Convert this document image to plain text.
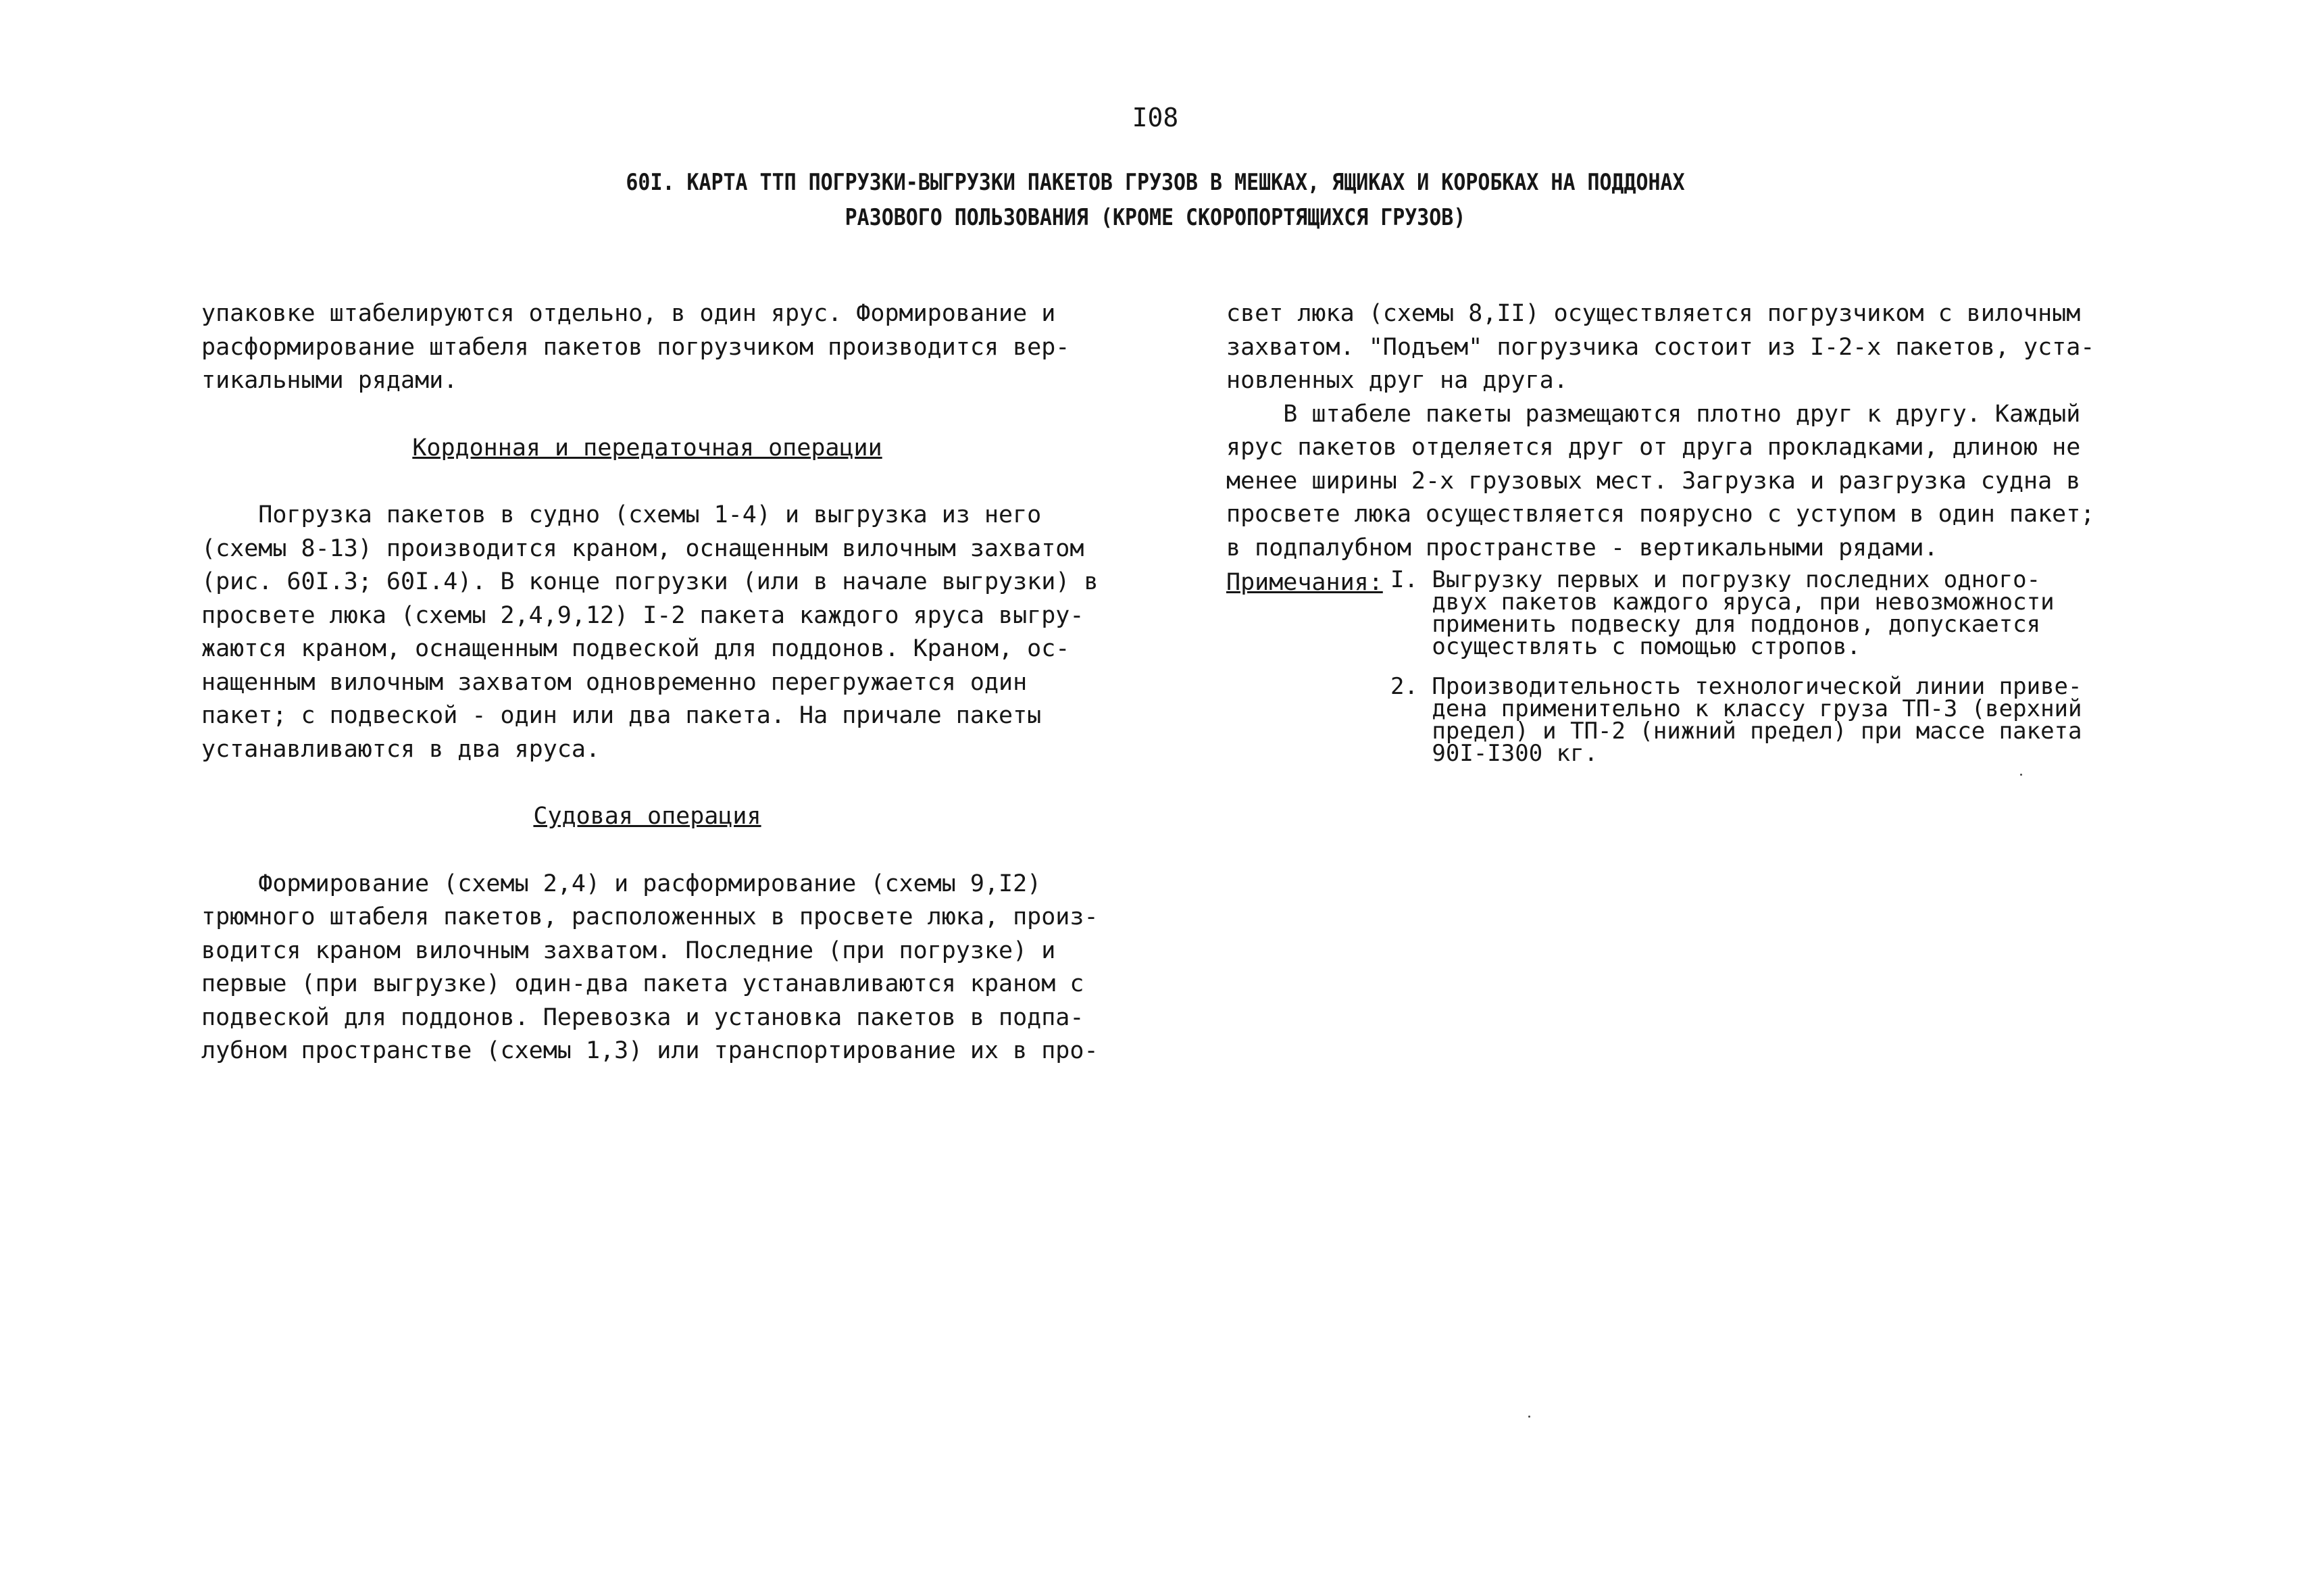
I08
60I. КАРТА ТТП ПОГРУЗКИ-ВЫГРУЗКИ ПАКЕТОВ ГРУЗОВ В МЕШКАХ, ЯЩИКАХ И КОРОБКАХ НА ПОДДОНАХ
РАЗОВОГО ПОЛЬЗОВАНИЯ (КРОМЕ СКОРОПОРТЯЩИХСЯ ГРУЗОВ)
упаковке штабелируются отдельно, в один ярус. Формирование и
расформирование штабеля пакетов погрузчиком производится вер-
тикальными рядами.
Кордонная и передаточная операции
Погрузка пакетов в судно (схемы 1-4) и выгрузка из него
(схемы 8-13) производится краном, оснащенным вилочным захватом
(рис. 60I.3; 60I.4). В конце погрузки (или в начале выгрузки) в
просвете люка (схемы 2,4,9,12) I-2 пакета каждого яруса выгру-
жаются краном, оснащенным подвеской для поддонов. Краном, ос-
нащенным вилочным захватом одновременно перегружается один
пакет; с подвеской - один или два пакета. На причале пакеты
устанавливаются в два яруса.
Судовая операция
Формирование (схемы 2,4) и расформирование (схемы 9,I2)
трюмного штабеля пакетов, расположенных в просвете люка, произ-
водится краном вилочным захватом. Последние (при погрузке) и
первые (при выгрузке) один-два пакета устанавливаются краном с
подвеской для поддонов. Перевозка и установка пакетов в подпа-
лубном пространстве (схемы 1,3) или транспортирование их в про-
свет люка (схемы 8,II) осуществляется погрузчиком с вилочным
захватом. "Подъем" погрузчика состоит из I-2-х пакетов, уста-
новленных друг на друга.
В штабеле пакеты размещаются плотно друг к другу. Каждый
ярус пакетов отделяется друг от друга прокладками, длиною не
менее ширины 2-х грузовых мест. Загрузка и разгрузка судна в
просвете люка осуществляется поярусно с уступом в один пакет;
в подпалубном пространстве - вертикальными рядами.
Примечания: I. Выгрузку первых и погрузку последних одного-
двух пакетов каждого яруса, при невозможности
применить подвеску для поддонов, допускается
осуществлять с помощью стропов.
2. Производительность технологической линии приве-
дена применительно к классу груза ТП-3 (верхний
предел) и ТП-2 (нижний предел) при массе пакета
90I-I300 кг.
